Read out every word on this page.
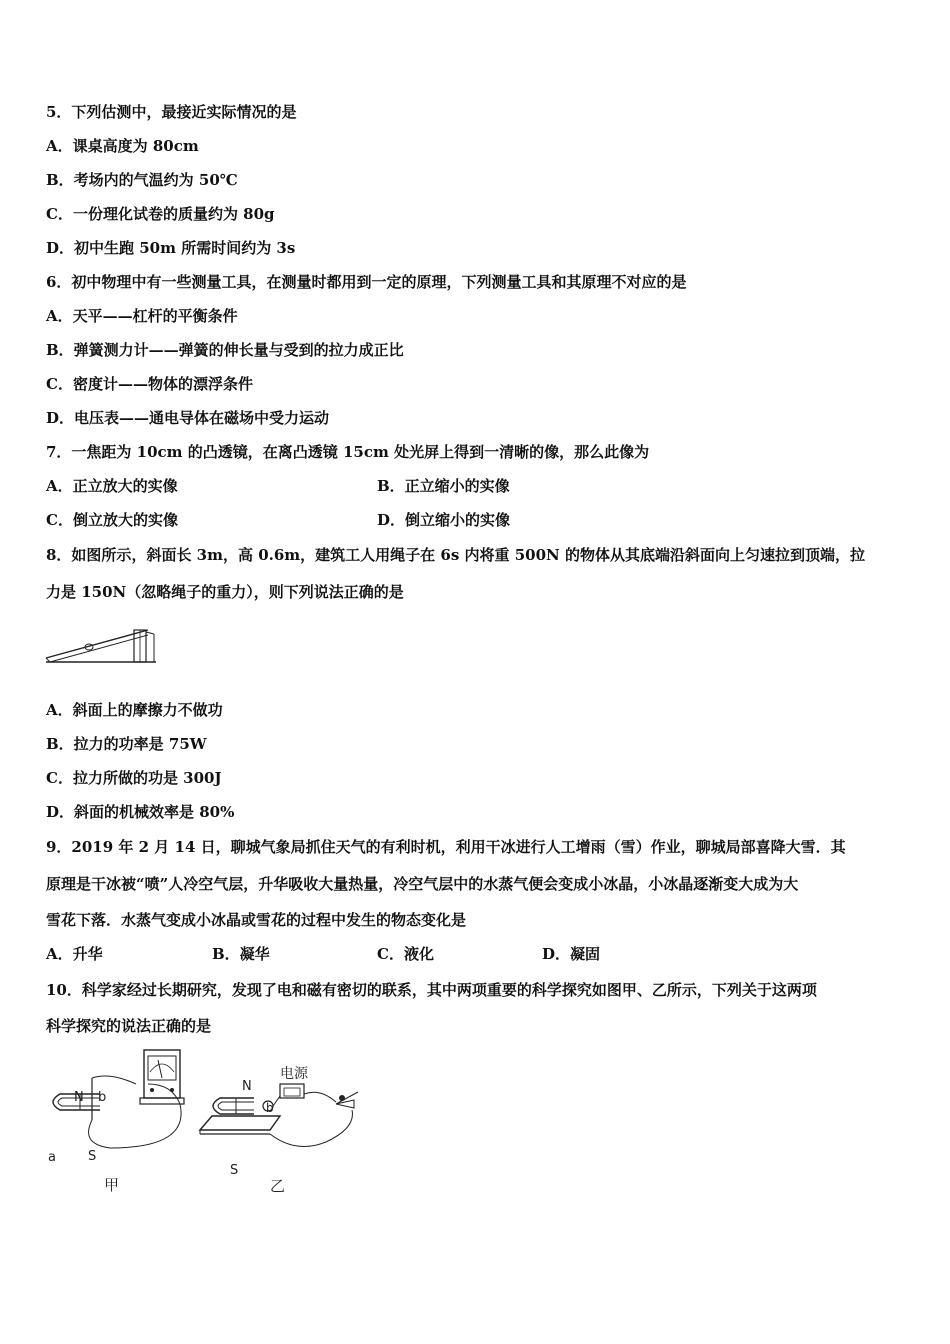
5．下列估测中，最接近实际情况的是
A．课桌高度为 80cm
B．考场内的气温约为 50℃
C．一份理化试卷的质量约为 80g
D．初中生跑 50m 所需时间约为 3s
6．初中物理中有一些测量工具，在测量时都用到一定的原理，下列测量工具和其原理不对应的是
A．天平——杠杆的平衡条件
B．弹簧测力计——弹簧的伸长量与受到的拉力成正比
C．密度计——物体的漂浮条件
D．电压表——通电导体在磁场中受力运动
7．一焦距为 10cm 的凸透镜，在离凸透镜 15cm 处光屏上得到一清晰的像，那么此像为
A．正立放大的实像	B．正立缩小的实像
C．倒立放大的实像	D．倒立缩小的实像
8．如图所示，斜面长 3m，高 0.6m，建筑工人用绳子在 6s 内将重 500N 的物体从其底端沿斜面向上匀速拉到顶端，拉
力是 150N（忽略绳子的重力），则下列说法正确的是
A．斜面上的摩擦力不做功
B．拉力的功率是 75W
C．拉力所做的功是 300J
D．斜面的机械效率是 80%
9．2019 年 2 月 14 日，聊城气象局抓住天气的有利时机，利用干冰进行人工增雨（雪）作业，聊城局部喜降大雪．其
原理是干冰被“喷”人冷空气层，升华吸收大量热量，冷空气层中的水蒸气便会变成小冰晶，小冰晶逐渐变大成为大
雪花下落．水蒸气变成小冰晶或雪花的过程中发生的物态变化是
A．升华	B．凝华	C．液化	D．凝固
10．科学家经过长期研究，发现了电和磁有密切的联系，其中两项重要的科学探究如图甲、乙所示，下列关于这两项
科学探究的说法正确的是
N b
a S
甲
N
b
电源
S
乙
